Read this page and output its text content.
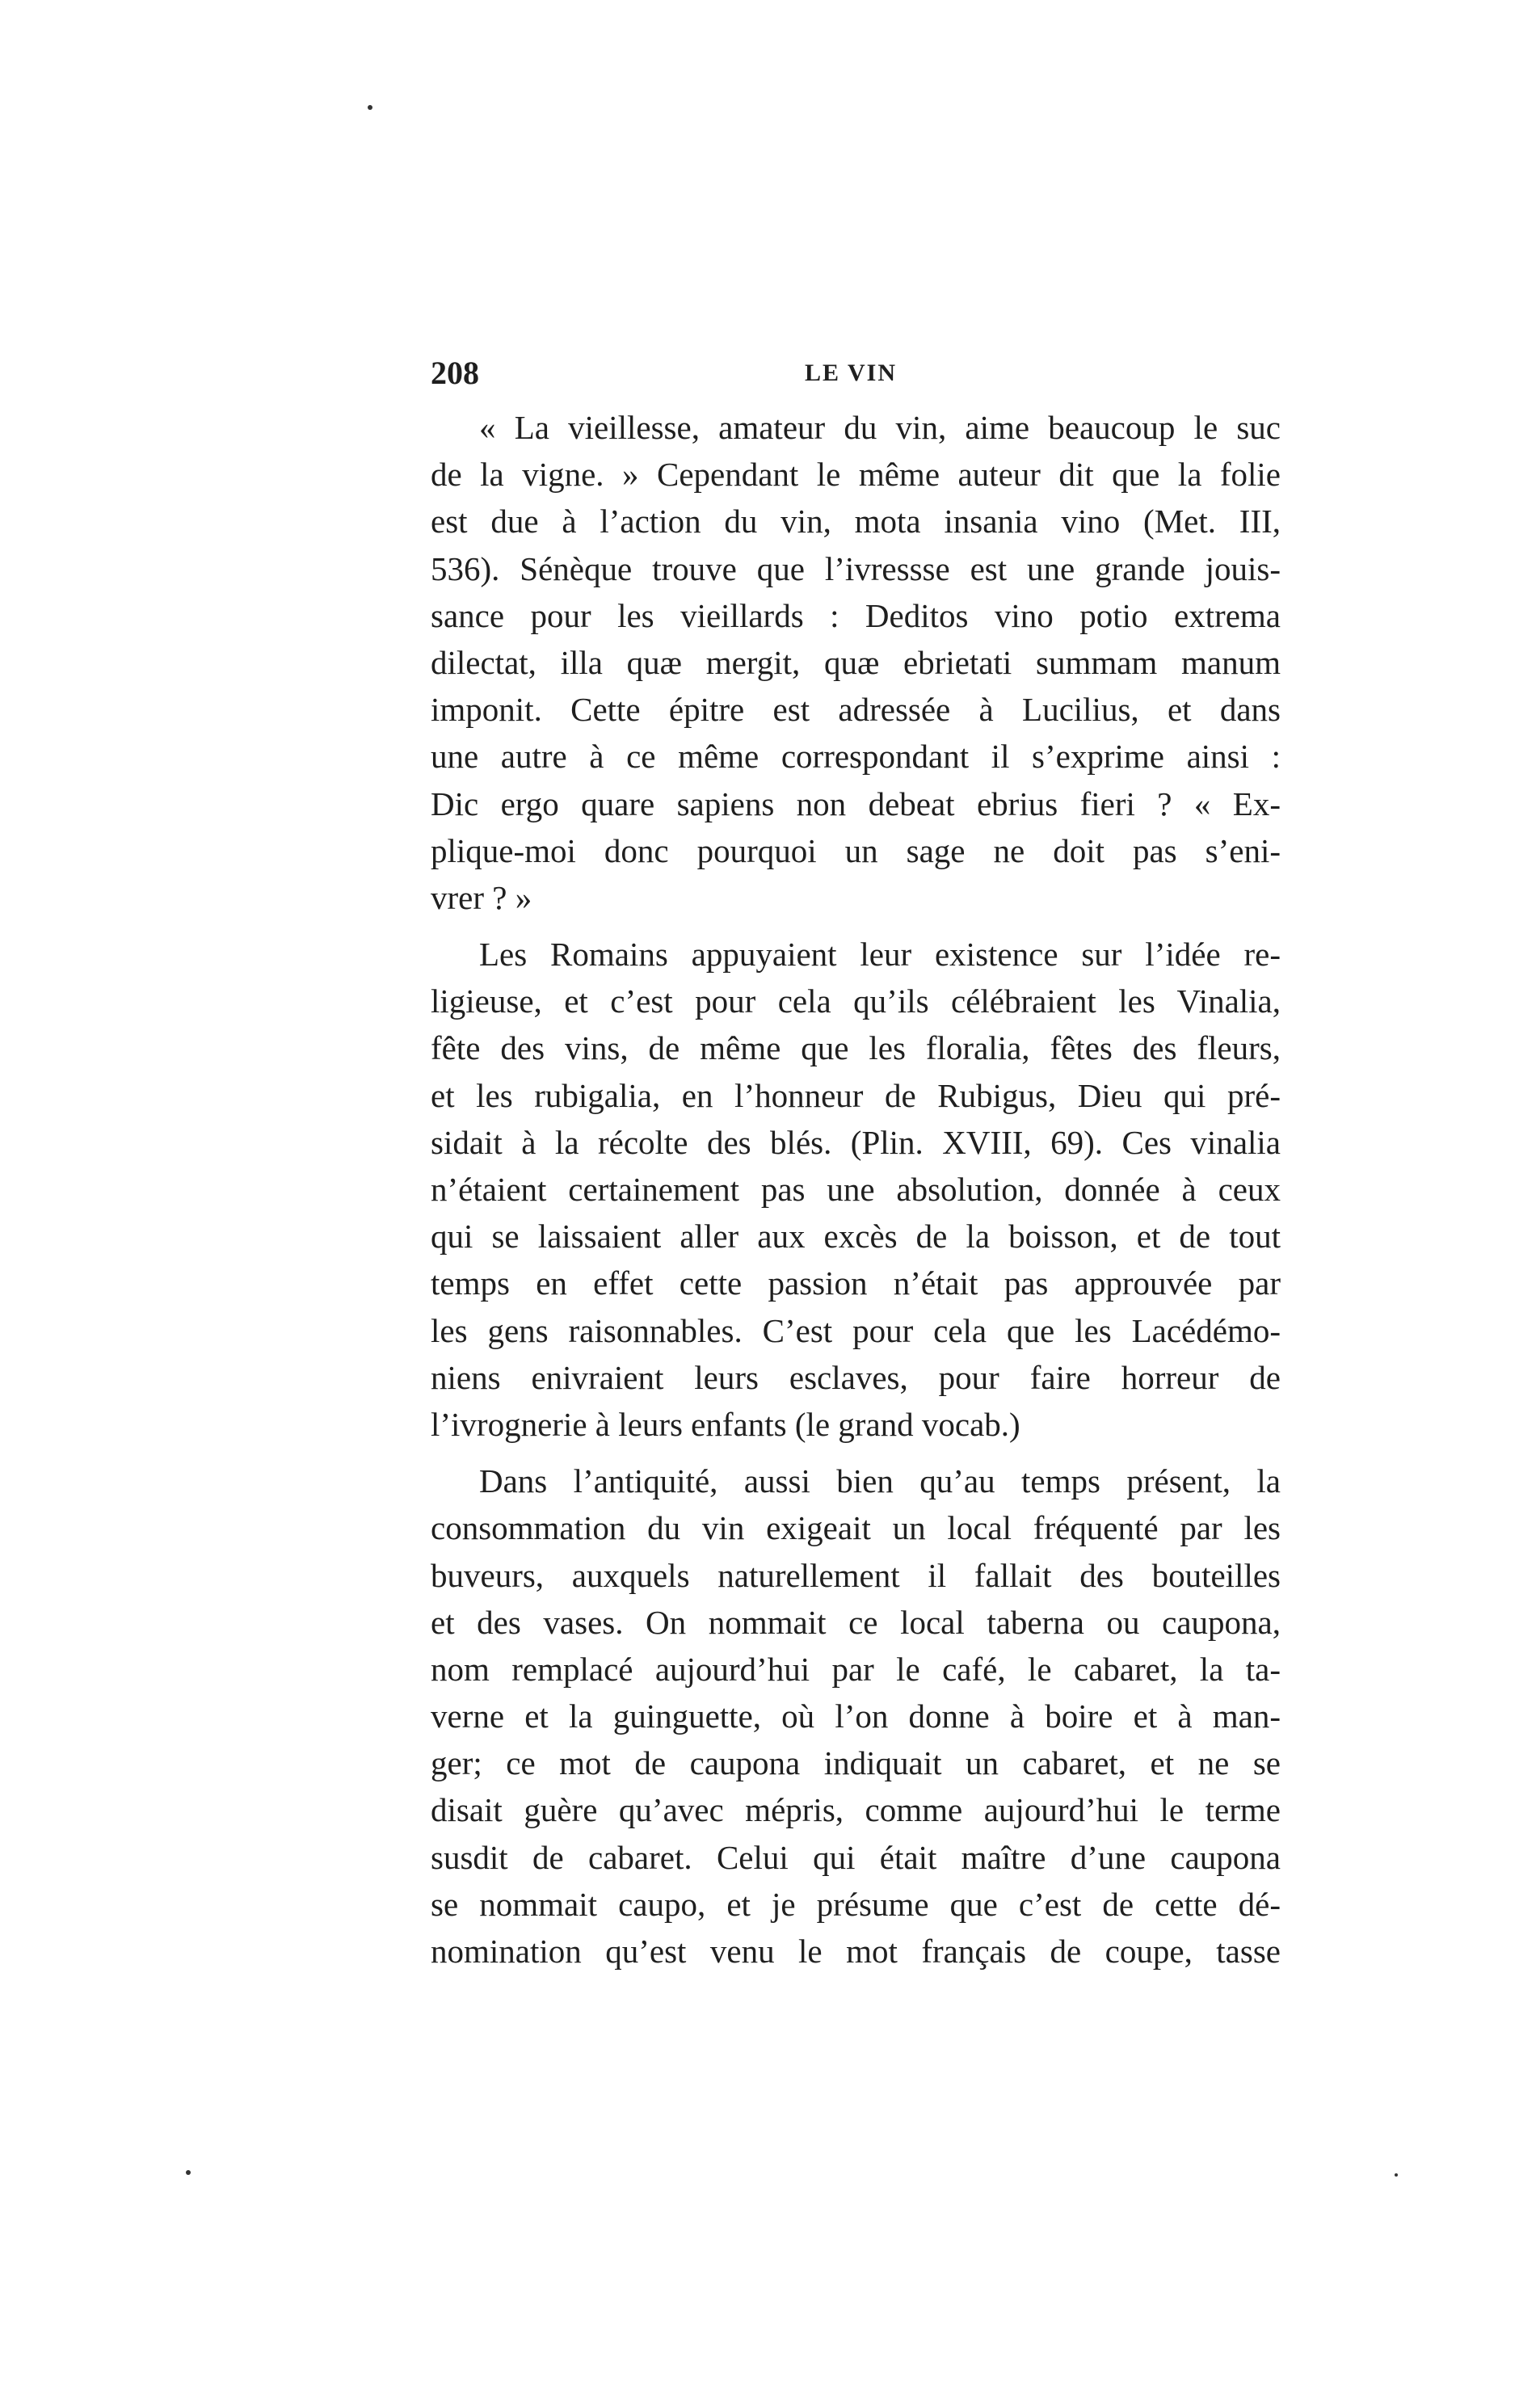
208	LE VIN
« La vieillesse, amateur du vin, aime beaucoup le suc
de la vigne. » Cependant le même auteur dit que la folie
est due à l’action du vin, mota insania vino (Met. III,
536). Sénèque trouve que l’ivressse est une grande jouis-
sance pour les vieillards : Deditos vino potio extrema
dilectat, illa quæ mergit, quæ ebrietati summam manum
imponit. Cette épitre est adressée à Lucilius, et dans
une autre à ce même correspondant il s’exprime ainsi :
Dic ergo quare sapiens non debeat ebrius fieri ? « Ex-
plique-moi donc pourquoi un sage ne doit pas s’eni-
vrer ? »
Les Romains appuyaient leur existence sur l’idée re-
ligieuse, et c’est pour cela qu’ils célébraient les Vinalia,
fête des vins, de même que les floralia, fêtes des fleurs,
et les rubigalia, en l’honneur de Rubigus, Dieu qui pré-
sidait à la récolte des blés. (Plin. XVIII, 69). Ces vinalia
n’étaient certainement pas une absolution, donnée à ceux
qui se laissaient aller aux excès de la boisson, et de tout
temps en effet cette passion n’était pas approuvée par
les gens raisonnables. C’est pour cela que les Lacédémo-
niens enivraient leurs esclaves, pour faire horreur de
l’ivrognerie à leurs enfants (le grand vocab.)
Dans l’antiquité, aussi bien qu’au temps présent, la
consommation du vin exigeait un local fréquenté par les
buveurs, auxquels naturellement il fallait des bouteilles
et des vases. On nommait ce local taberna ou caupona,
nom remplacé aujourd’hui par le café, le cabaret, la ta-
verne et la guinguette, où l’on donne à boire et à man-
ger; ce mot de caupona indiquait un cabaret, et ne se
disait guère qu’avec mépris, comme aujourd’hui le terme
susdit de cabaret. Celui qui était maître d’une caupona
se nommait caupo, et je présume que c’est de cette dé-
nomination qu’est venu le mot français de coupe, tasse
